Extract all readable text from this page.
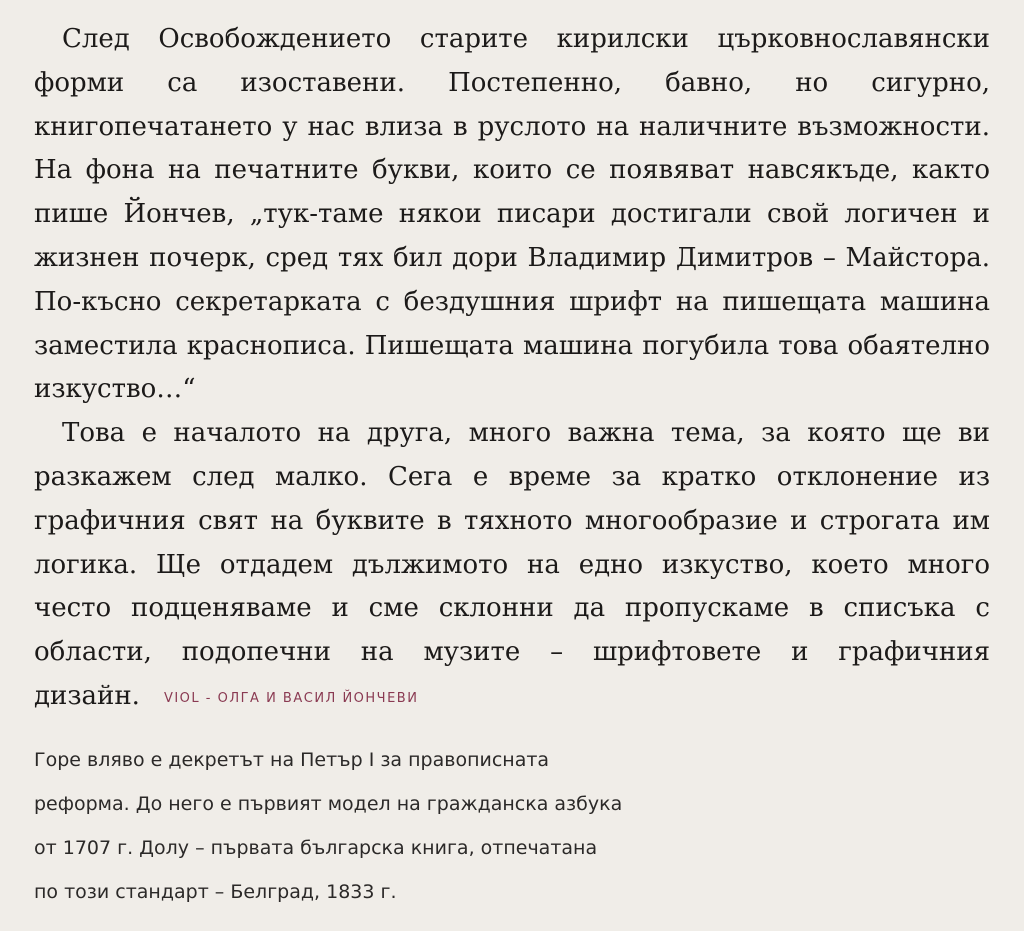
След Освобождението старите кирилски църковнославянски форми са изоставени. Постепенно, бавно, но сигурно, книгопечатането у нас влиза в руслото на наличните възможности. На фона на печатните букви, които се появяват навсякъде, както пише Йончев, „тук-таме някои писари достигали свой логичен и жизнен почерк, сред тях бил дори Владимир Димитров – Майстора. По-късно секретарката с бездушния шрифт на пишещата машина заместила краснописа. Пишещата машина погубила това обаятелно изкуство…“

Това е началото на друга, много важна тема, за която ще ви разкажем след малко. Сега е време за кратко отклонение из графичния свят на буквите в тяхното многообразие и строгата им логика. Ще отдадем дължимото на едно изкуство, което много често подценяваме и сме склонни да пропускаме в списъка с области, подопечни на музите – шрифтовете и графичния дизайн. VIOL - ОЛГА И ВАСИЛ ЙОНЧЕВИ

Горе вляво е декретът на Петър I за правописната
реформа. До него е първият модел на гражданска азбука
от 1707 г. Долу – първата българска книга, отпечатана
по този стандарт – Белград, 1833 г.
